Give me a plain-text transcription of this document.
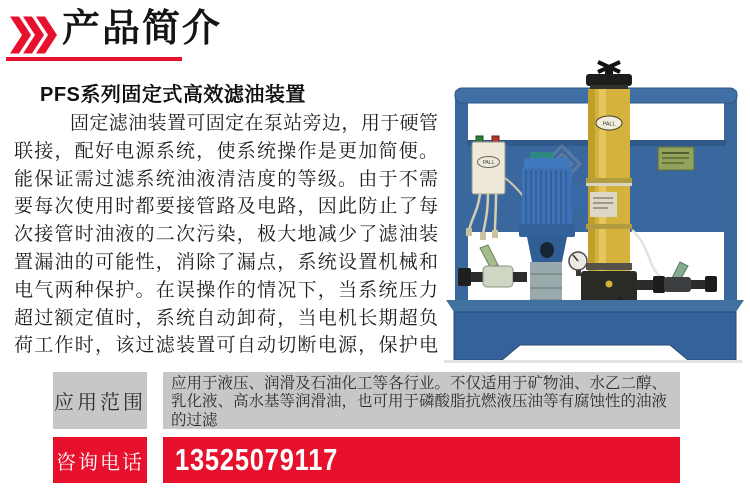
产品简介
PFS系列固定式高效滤油装置
固定滤油装置可固定在泵站旁边，用于硬管
联接，配好电源系统，使系统操作是更加简便。
能保证需过滤系统油液清洁度的等级。由于不需
要每次使用时都要接管路及电路，因此防止了每
次接管时油液的二次污染，极大地减少了滤油装
置漏油的可能性，消除了漏点，系统设置机械和
电气两种保护。在误操作的情况下，当系统压力
超过额定值时，系统自动卸荷，当电机长期超负
荷工作时，该过滤装置可自动切断电源，保护电
PALL
PALL
应用范围
应用于液压、润滑及石油化工等各行业。不仅适用于矿物油、水乙二醇、乳化液、高水基等润滑油，也可用于磷酸脂抗燃液压油等有腐蚀性的油液的过滤
咨询电话 13525079117
